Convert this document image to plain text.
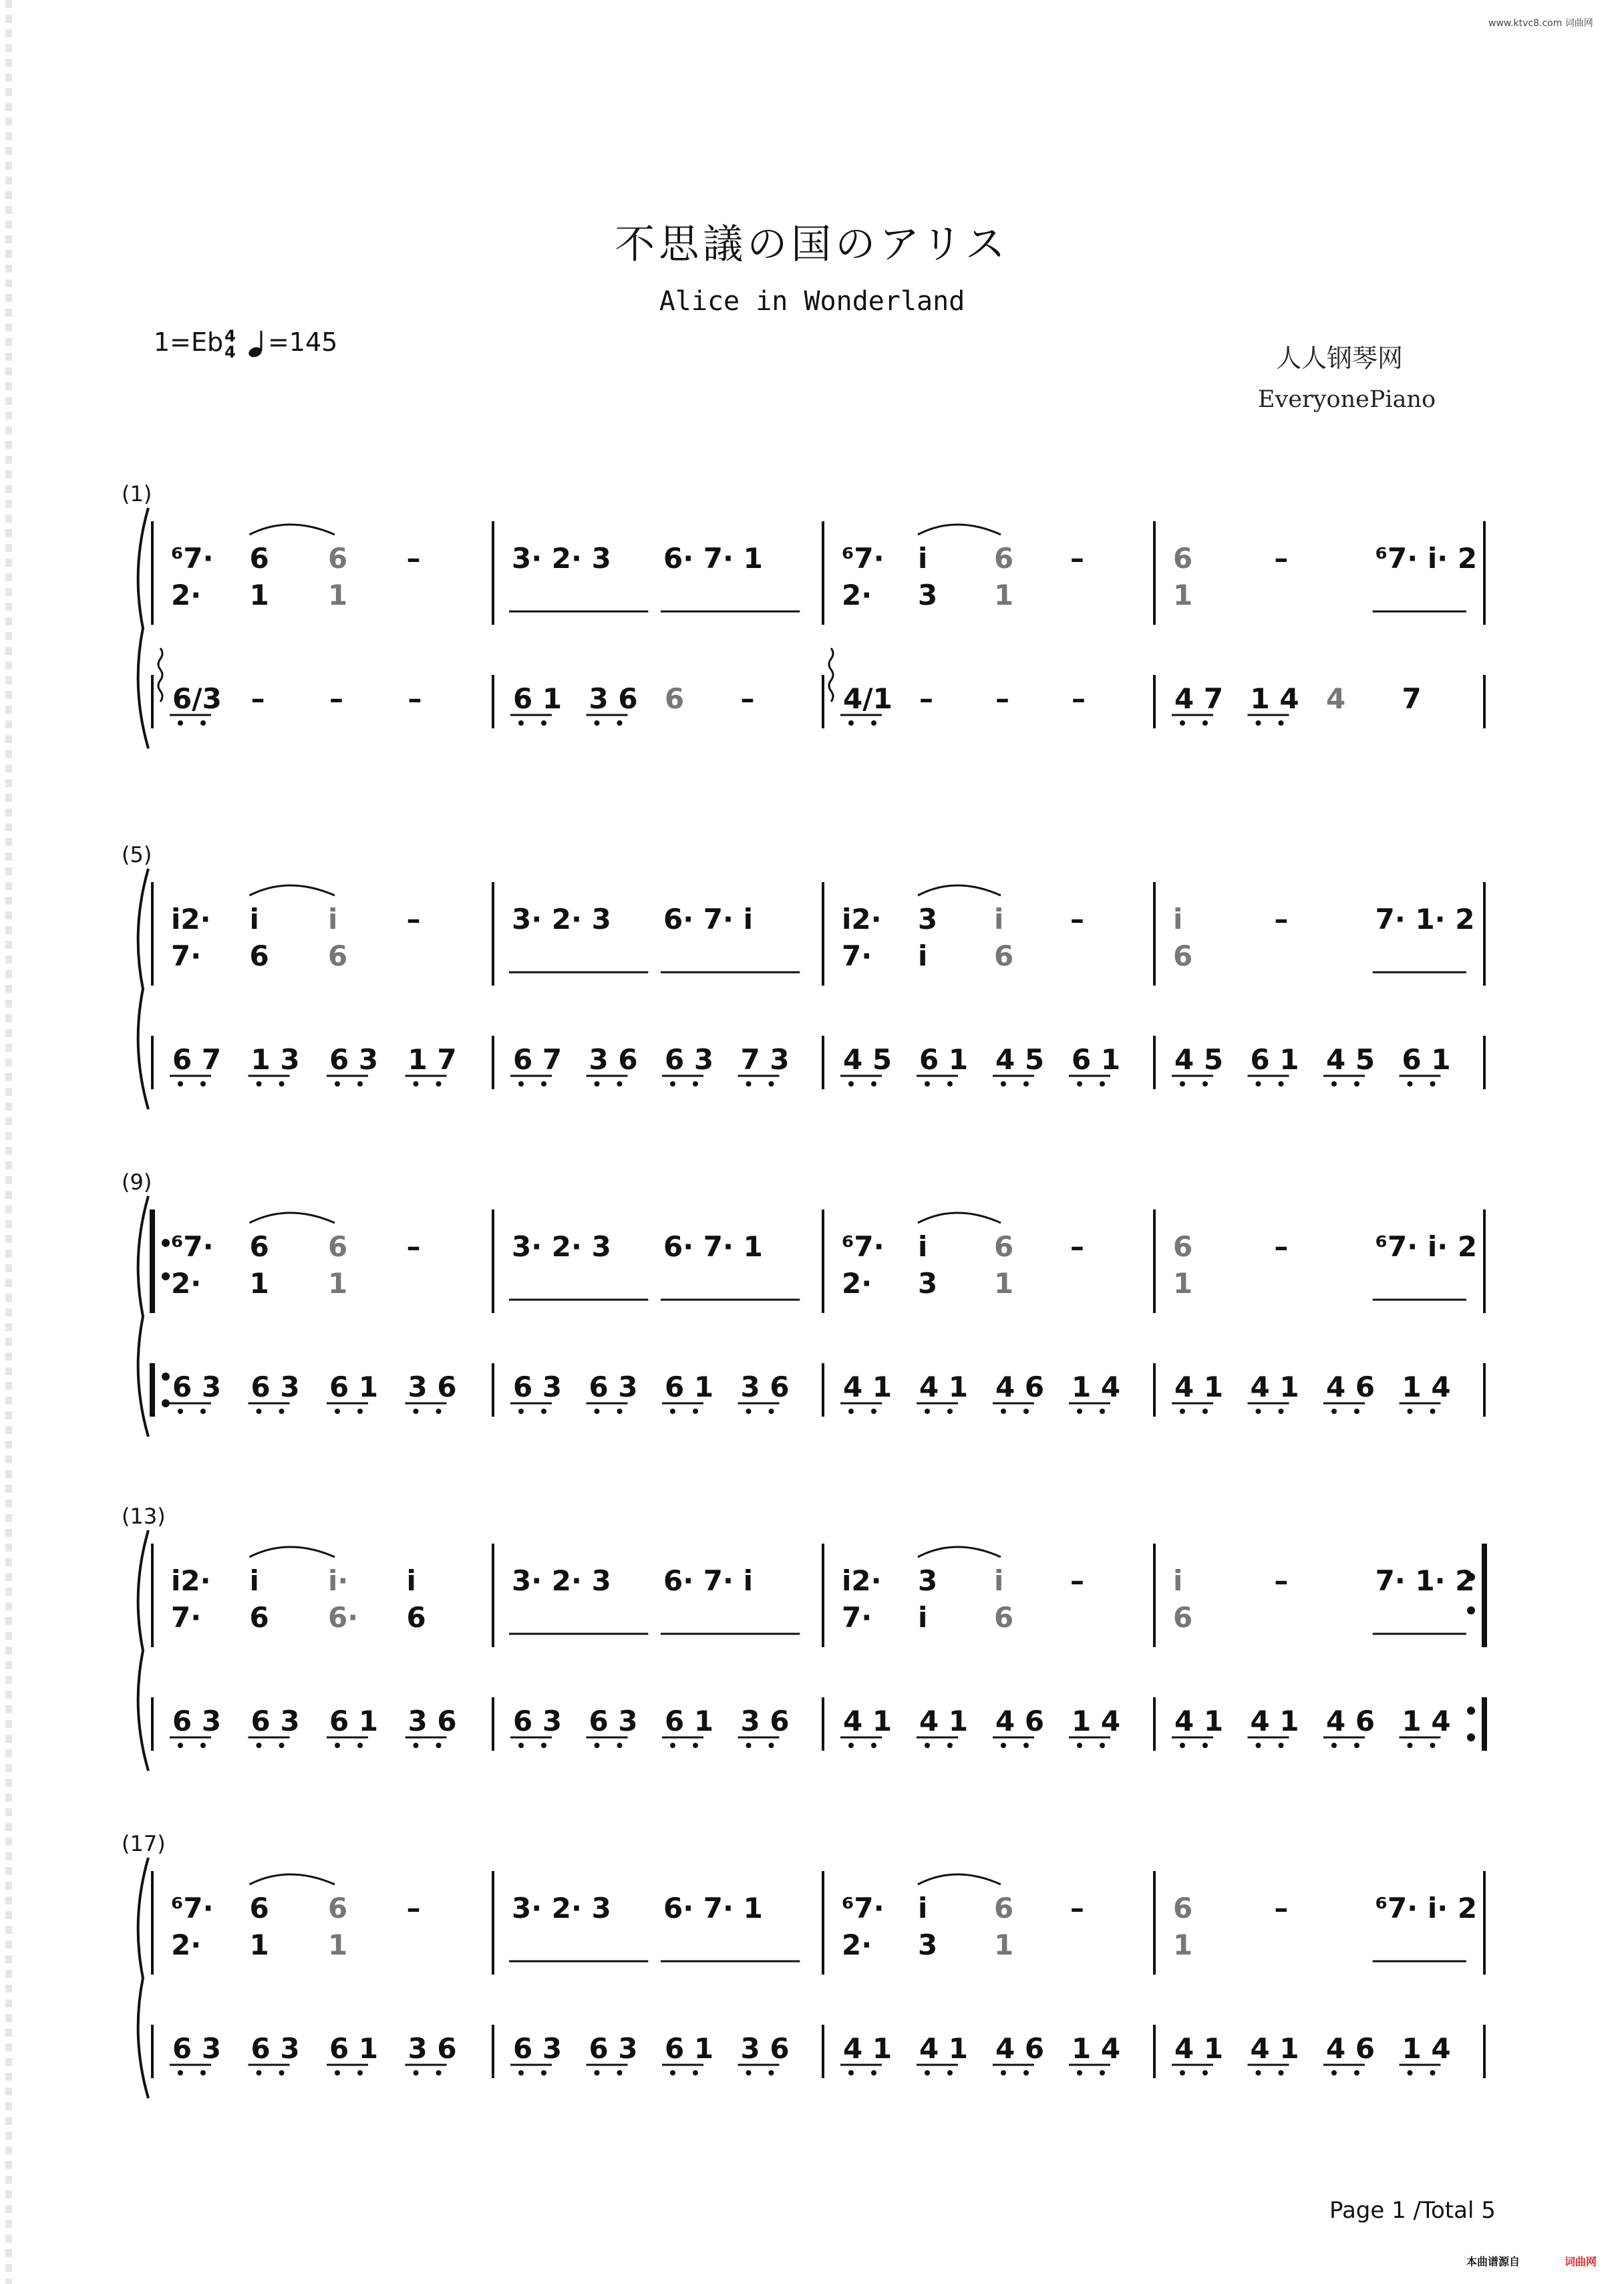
www.ktvc8.com 词曲网
不思議の国のアリス
Alice in Wonderland
1=Eb4
4 =145
人人钢琴网
EveryonePiano
(1)
⁶7·
2·
6
1
6
1
–	3· 2· 3 6· 7· 1	⁶7·
2·
i
3
6
1
–	6
1
–	⁶7· i· 2
6/3 – – –	6 1 3 6 6 –	4/1 – – –	4 7 1 4 4 7
(5)
i2·
7·
i
6
i
6
–	3· 2· 3 6· 7· i	i2·
7·
3
i
i
6
–	i
6
–	7· 1· 2
6 7 1 3 6 3 1 7 6 7 3 6 6 3 7 3 4 5 6 1 4 5 6 1 4 5 6 1 4 5 6 1
(9)
⁶7·
2·
6
1
6
1
–	3· 2· 3 6· 7· 1	⁶7·
2·
i
3
6
1
–	6
1
–	⁶7· i· 2
6 3 6 3 6 1 3 6 6 3 6 3 6 1 3 6 4 1 4 1 4 6 1 4 4 1 4 1 4 6 1 4
(13)
i2·
7·
i
6
i·
6·
i
6
3· 2· 3 6· 7· i	i2·
7·
3
i
i
6
–	i
6
–	7· 1· 2
6 3 6 3 6 1 3 6 6 3 6 3 6 1 3 6 4 1 4 1 4 6 1 4 4 1 4 1 4 6 1 4
(17)
⁶7·
2·
6
1
6
1
–	3· 2· 3 6· 7· 1	⁶7·
2·
i
3
6
1
–	6
1
–	⁶7· i· 2
6 3 6 3 6 1 3 6 6 3 6 3 6 1 3 6 4 1 4 1 4 6 1 4 4 1 4 1 4 6 1 4
Page 1 /Total 5
本曲谱源自	词曲网
